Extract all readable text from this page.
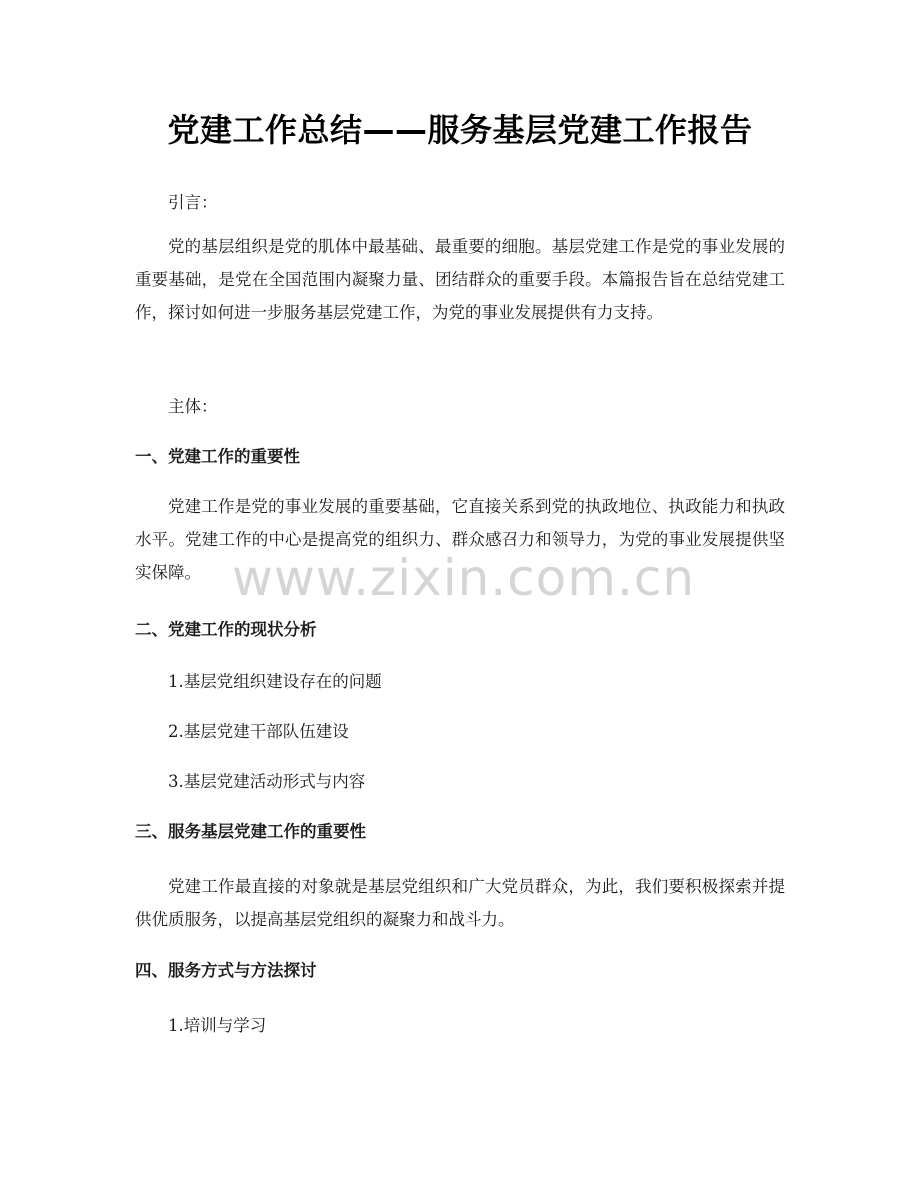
党建工作总结——服务基层党建工作报告

引言：

党的基层组织是党的肌体中最基础、最重要的细胞。基层党建工作是党的事业发展的重要基础，是党在全国范围内凝聚力量、团结群众的重要手段。本篇报告旨在总结党建工作，探讨如何进一步服务基层党建工作，为党的事业发展提供有力支持。

主体：

一、党建工作的重要性

党建工作是党的事业发展的重要基础，它直接关系到党的执政地位、执政能力和执政水平。党建工作的中心是提高党的组织力、群众感召力和领导力，为党的事业发展提供坚实保障。

二、党建工作的现状分析

1.基层党组织建设存在的问题

2.基层党建干部队伍建设

3.基层党建活动形式与内容

三、服务基层党建工作的重要性

党建工作最直接的对象就是基层党组织和广大党员群众，为此，我们要积极探索并提供优质服务，以提高基层党组织的凝聚力和战斗力。

四、服务方式与方法探讨

1.培训与学习

www.zixin.com.cn
